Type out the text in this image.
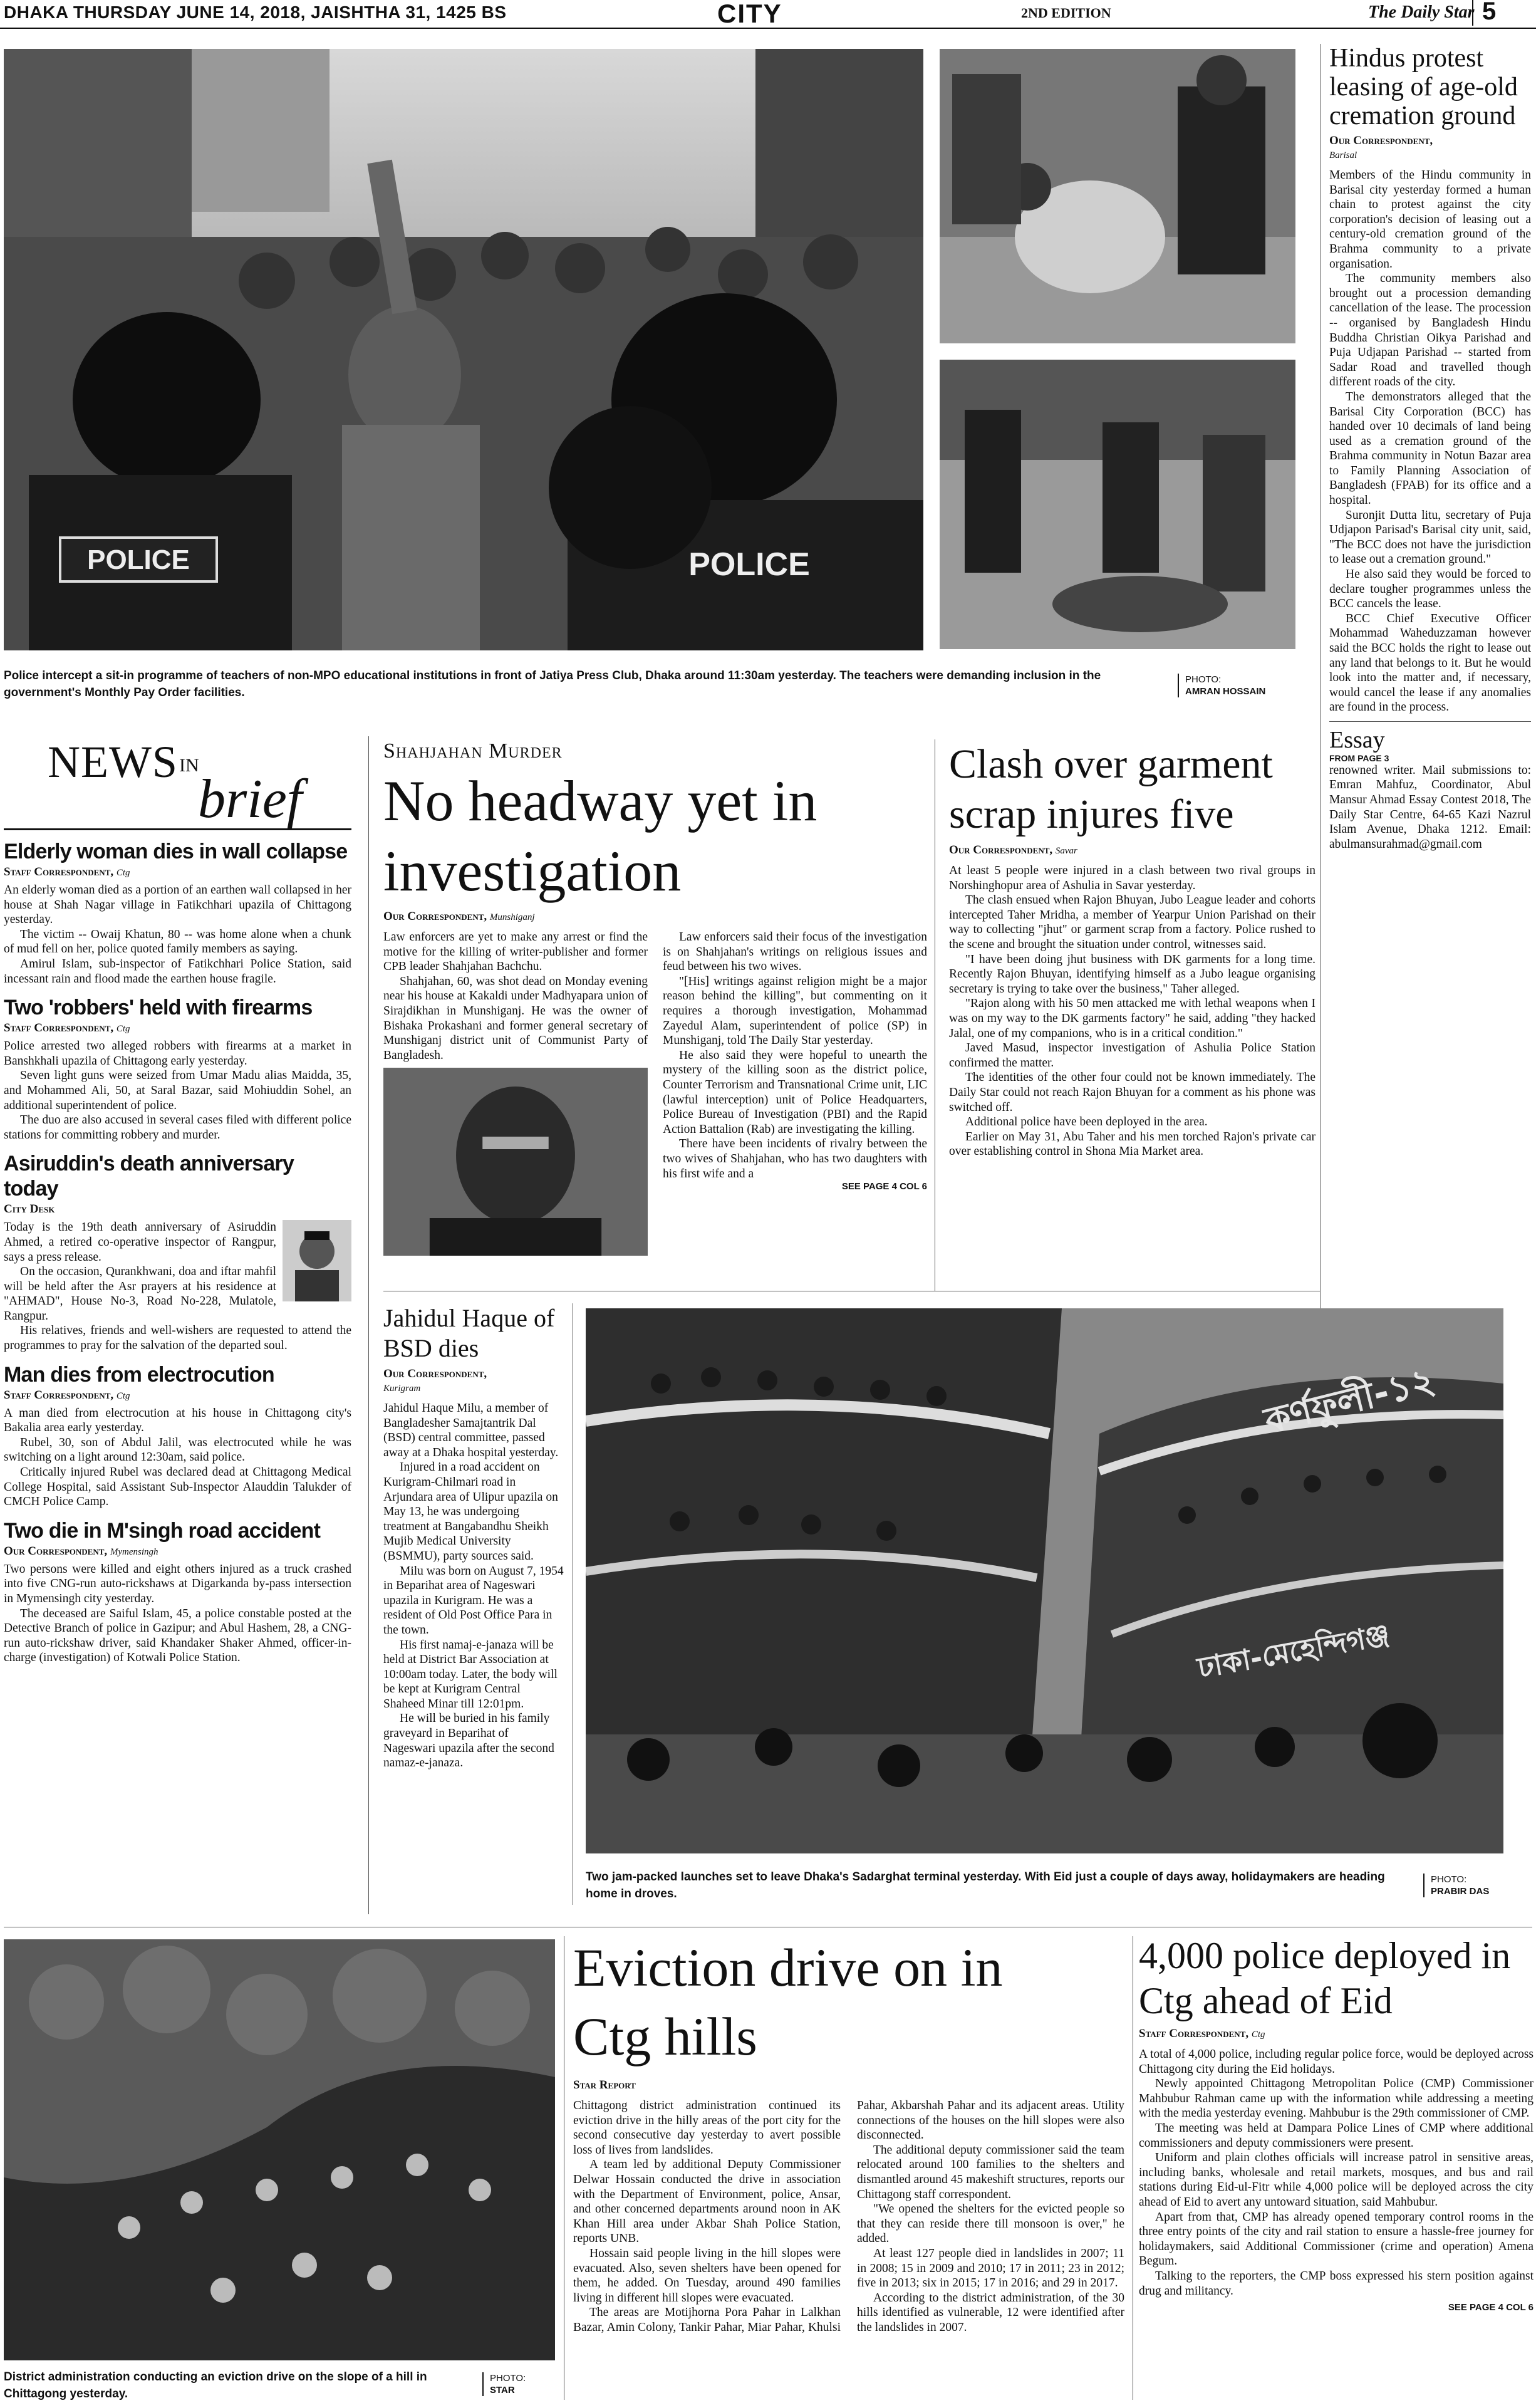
DHAKA THURSDAY JUNE 14, 2018, JAISHTHA 31, 1425 BS	CITY	2ND EDITION	The Daily Star 5
POLICE	POLICE
Police intercept a sit-in programme of teachers of non-MPO educational institutions in front of Jatiya Press Club, Dhaka around 11:30am yesterday. The teachers were demanding inclusion in the government's Monthly Pay Order facilities.
PHOTO:
AMRAN HOSSAIN
Hindus protest leasing of age-old cremation ground
Our Correspondent,
Barisal

Members of the Hindu community in Barisal city yesterday formed a human chain to protest against the city corporation's decision of leasing out a century-old cremation ground of the Brahma community to a private organisation.

The community members also brought out a procession demanding cancellation of the lease. The procession -- organised by Bangladesh Hindu Buddha Christian Oikya Parishad and Puja Udjapan Parishad -- started from Sadar Road and travelled though different roads of the city.

The demonstrators alleged that the Barisal City Corporation (BCC) has handed over 10 decimals of land being used as a cremation ground of the Brahma community in Notun Bazar area to Family Planning Association of Bangladesh (FPAB) for its office and a hospital.

Suronjit Dutta litu, secretary of Puja Udjapon Parisad's Barisal city unit, said, "The BCC does not have the jurisdiction to lease out a cremation ground."

He also said they would be forced to declare tougher programmes unless the BCC cancels the lease.

BCC Chief Executive Officer Mohammad Waheduzzaman however said the BCC holds the right to lease out any land that belongs to it. But he would look into the matter and, if necessary, would cancel the lease if any anomalies are found in the process.

Essay
FROM PAGE 3

renowned writer. Mail submissions to: Emran Mahfuz, Coordinator, Abul Mansur Ahmad Essay Contest 2018, The Daily Star Centre, 64-65 Kazi Nazrul Islam Avenue, Dhaka 1212. Email: abulmansurahmad@gmail.com

NEWS IN
brief
Elderly woman dies in wall collapse
Staff Correspondent, Ctg

An elderly woman died as a portion of an earthen wall collapsed in her house at Shah Nagar village in Fatikchhari upazila of Chittagong yesterday.

The victim -- Owaij Khatun, 80 -- was home alone when a chunk of mud fell on her, police quoted family members as saying.

Amirul Islam, sub-inspector of Fatikchhari Police Station, said incessant rain and flood made the earthen house fragile.

Two 'robbers' held with firearms
Staff Correspondent, Ctg

Police arrested two alleged robbers with firearms at a market in Banshkhali upazila of Chittagong early yesterday.

Seven light guns were seized from Umar Madu alias Maidda, 35, and Mohammed Ali, 50, at Saral Bazar, said Mohiuddin Sohel, an additional superintendent of police.

The duo are also accused in several cases filed with different police stations for committing robbery and murder.

Asiruddin's death anniversary today
City Desk

Today is the 19th death anniversary of Asiruddin Ahmed, a retired co-operative inspector of Rangpur, says a press release.

On the occasion, Qurankhwani, doa and iftar mahfil will be held after the Asr prayers at his residence at "AHMAD", House No-3, Road No-228, Mulatole, Rangpur.

His relatives, friends and well-wishers are requested to attend the programmes to pray for the salvation of the departed soul.

Man dies from electrocution
Staff Correspondent, Ctg

A man died from electrocution at his house in Chittagong city's Bakalia area early yesterday.

Rubel, 30, son of Abdul Jalil, was electrocuted while he was switching on a light around 12:30am, said police.

Critically injured Rubel was declared dead at Chittagong Medical College Hospital, said Assistant Sub-Inspector Alauddin Talukder of CMCH Police Camp.

Two die in M'singh road accident
Our Correspondent, Mymensingh

Two persons were killed and eight others injured as a truck crashed into five CNG-run auto-rickshaws at Digarkanda by-pass intersection in Mymensingh city yesterday.

The deceased are Saiful Islam, 45, a police constable posted at the Detective Branch of police in Gazipur; and Abul Hashem, 28, a CNG-run auto-rickshaw driver, said Khandaker Shaker Ahmed, officer-in-charge (investigation) of Kotwali Police Station.

Shahjahan Murder
No headway yet in investigation
Our Correspondent, Munshiganj

Law enforcers are yet to make any arrest or find the motive for the killing of writer-publisher and former CPB leader Shahjahan Bachchu.

Shahjahan, 60, was shot dead on Monday evening near his house at Kakaldi under Madhyapara union of Sirajdikhan in Munshiganj. He was the owner of Bishaka Prokashani and former general secretary of Munshiganj district unit of Communist Party of Bangladesh.

Law enforcers said their focus of the investigation is on Shahjahan's writings on religious issues and feud between his two wives.

"[His] writings against religion might be a major reason behind the killing", but commenting on it requires a thorough investigation, Mohammad Zayedul Alam, superintendent of police (SP) in Munshiganj, told The Daily Star yesterday.

He also said they were hopeful to unearth the mystery of the killing soon as the district police, Counter Terrorism and Transnational Crime unit, LIC (lawful interception) unit of Police Headquarters, Police Bureau of Investigation (PBI) and the Rapid Action Battalion (Rab) are investigating the killing.

There have been incidents of rivalry between the two wives of Shahjahan, who has two daughters with his first wife and a

SEE PAGE 4 COL 6
Clash over garment scrap injures five
Our Correspondent, Savar

At least 5 people were injured in a clash between two rival groups in Norshinghopur area of Ashulia in Savar yesterday.

The clash ensued when Rajon Bhuyan, Jubo League leader and cohorts intercepted Taher Mridha, a member of Yearpur Union Parishad on their way to collecting "jhut" or garment scrap from a factory. Police rushed to the scene and brought the situation under control, witnesses said.

"I have been doing jhut business with DK garments for a long time. Recently Rajon Bhuyan, identifying himself as a Jubo league organising secretary is trying to take over the business," Taher alleged.

"Rajon along with his 50 men attacked me with lethal weapons when I was on my way to the DK garments factory" he said, adding "they hacked Jalal, one of my companions, who is in a critical condition."

Javed Masud, inspector investigation of Ashulia Police Station confirmed the matter.

The identities of the other four could not be known immediately. The Daily Star could not reach Rajon Bhuyan for a comment as his phone was switched off.

Additional police have been deployed in the area.

Earlier on May 31, Abu Taher and his men torched Rajon's private car over establishing control in Shona Mia Market area.

Jahidul Haque of BSD dies
Our Correspondent,
Kurigram

Jahidul Haque Milu, a member of Bangladesher Samajtantrik Dal (BSD) central committee, passed away at a Dhaka hospital yesterday.

Injured in a road accident on Kurigram-Chilmari road in Arjundara area of Ulipur upazila on May 13, he was undergoing treatment at Bangabandhu Sheikh Mujib Medical University (BSMMU), party sources said.

Milu was born on August 7, 1954 in Beparihat area of Nageswari upazila in Kurigram. He was a resident of Old Post Office Para in the town.

His first namaj-e-janaza will be held at District Bar Association at 10:00am today. Later, the body will be kept at Kurigram Central Shaheed Minar till 12:01pm.

He will be buried in his family graveyard in Beparihat of Nageswari upazila after the second namaz-e-janaza.

কর্ণফুলী-১২
ঢাকা-মেহেন্দিগঞ্জ
Two jam-packed launches set to leave Dhaka's Sadarghat terminal yesterday. With Eid just a couple of days away, holidaymakers are heading home in droves.
PHOTO:
PRABIR DAS
District administration conducting an eviction drive on the slope of a hill in Chittagong yesterday.
PHOTO:
STAR
Eviction drive on in Ctg hills
Star Report

Chittagong district administration continued its eviction drive in the hilly areas of the port city for the second consecutive day yesterday to avert possible loss of lives from landslides.

A team led by additional Deputy Commissioner Delwar Hossain conducted the drive in association with the Department of Environment, police, Ansar, and other concerned departments around noon in AK Khan Hill area under Akbar Shah Police Station, reports UNB.

Hossain said people living in the hill slopes were evacuated. Also, seven shelters have been opened for them, he added. On Tuesday, around 490 families living in different hill slopes were evacuated.

The areas are Motijhorna Pora Pahar in Lalkhan Bazar, Amin Colony, Tankir Pahar, Miar Pahar, Khulsi Pahar, Akbarshah Pahar and its adjacent areas. Utility connections of the houses on the hill slopes were also disconnected.

The additional deputy commissioner said the team relocated around 100 families to the shelters and dismantled around 45 makeshift structures, reports our Chittagong staff correspondent.

"We opened the shelters for the evicted people so that they can reside there till monsoon is over," he added.

At least 127 people died in landslides in 2007; 11 in 2008; 15 in 2009 and 2010; 17 in 2011; 23 in 2012; five in 2013; six in 2015; 17 in 2016; and 29 in 2017.

According to the district administration, of the 30 hills identified as vulnerable, 12 were identified after the landslides in 2007.

4,000 police deployed in Ctg ahead of Eid
Staff Correspondent, Ctg

A total of 4,000 police, including regular police force, would be deployed across Chittagong city during the Eid holidays.

Newly appointed Chittagong Metropolitan Police (CMP) Commissioner Mahbubur Rahman came up with the information while addressing a meeting with the media yesterday evening. Mahbubur is the 29th commissioner of CMP.

The meeting was held at Dampara Police Lines of CMP where additional commissioners and deputy commissioners were present.

Uniform and plain clothes officials will increase patrol in sensitive areas, including banks, wholesale and retail markets, mosques, and bus and rail stations during Eid-ul-Fitr while 4,000 police will be deployed across the city ahead of Eid to avert any untoward situation, said Mahbubur.

Apart from that, CMP has already opened temporary control rooms in the three entry points of the city and rail station to ensure a hassle-free journey for holidaymakers, said Additional Commissioner (crime and operation) Amena Begum.

Talking to the reporters, the CMP boss expressed his stern position against drug and militancy.

SEE PAGE 4 COL 6
